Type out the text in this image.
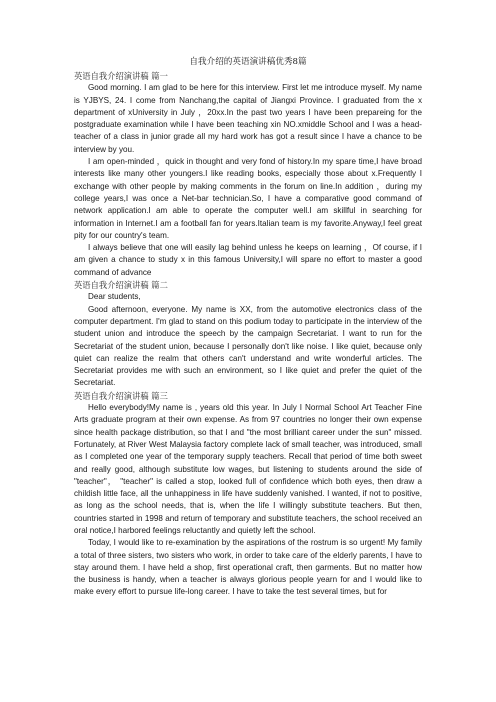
自我介绍的英语演讲稿优秀8篇

英语自我介绍演讲稿 篇一

Good morning. I am glad to be here for this interview. First let me introduce myself. My name is YJBYS, 24. I come from Nanchang,the capital of Jiangxi Province. I graduated from the x department of xUniversity in July ，20xx.In the past two years I have been prepareing for the postgraduate examination while I have been teaching xin NO.xmiddle School and I was a head-teacher of a class in junior grade all my hard work has got a result since I have a chance to be interview by you.

I am open-minded ，quick in thought and very fond of history.In my spare time,I have broad interests like many other youngers.I like reading books, especially those about x.Frequently I exchange with other people by making comments in the forum on line.In addition ，during my college years,I was once a Net-bar technician.So, I have a comparative good command of network application.I am able to operate the computer well.I am skillful in searching for information in Internet.I am a football fan for years.Italian team is my favorite.Anyway,I feel great pity for our country's team.

I always believe that one will easily lag behind unless he keeps on learning ，Of course, if I am given a chance to study x in this famous University,I will spare no effort to master a good command of advance

英语自我介绍演讲稿 篇二

Dear students,

Good afternoon, everyone. My name is XX, from the automotive electronics class of the computer department. I'm glad to stand on this podium today to participate in the interview of the student union and introduce the speech by the campaign Secretariat. I want to run for the Secretariat of the student union, because I personally don't like noise. I like quiet, because only quiet can realize the realm that others can't understand and write wonderful articles. The Secretariat provides me with such an environment, so I like quiet and prefer the quiet of the Secretariat.

英语自我介绍演讲稿 篇三

Hello everybody!My name is , years old this year. In July I Normal School Art Teacher Fine Arts graduate program at their own expense. As from 97 countries no longer their own expense since health package distribution, so that I and "the most brilliant career under the sun" missed. Fortunately, at River West Malaysia factory complete lack of small teacher, was introduced, small as I completed one year of the temporary supply teachers. Recall that period of time both sweet and really good, although substitute low wages, but listening to students around the side of "teacher"， "teacher" is called a stop, looked full of confidence which both eyes, then draw a childish little face, all the unhappiness in life have suddenly vanished. I wanted, if not to positive, as long as the school needs, that is, when the life I willingly substitute teachers. But then, countries started in 1998 and return of temporary and substitute teachers, the school received an oral notice,I harbored feelings reluctantly and quietly left the school.

Today, I would like to re-examination by the aspirations of the rostrum is so urgent! My family a total of three sisters, two sisters who work, in order to take care of the elderly parents, I have to stay around them. I have held a shop, first operational craft, then garments. But no matter how the business is handy, when a teacher is always glorious people yearn for and I would like to make every effort to pursue life-long career. I have to take the test several times, but for
